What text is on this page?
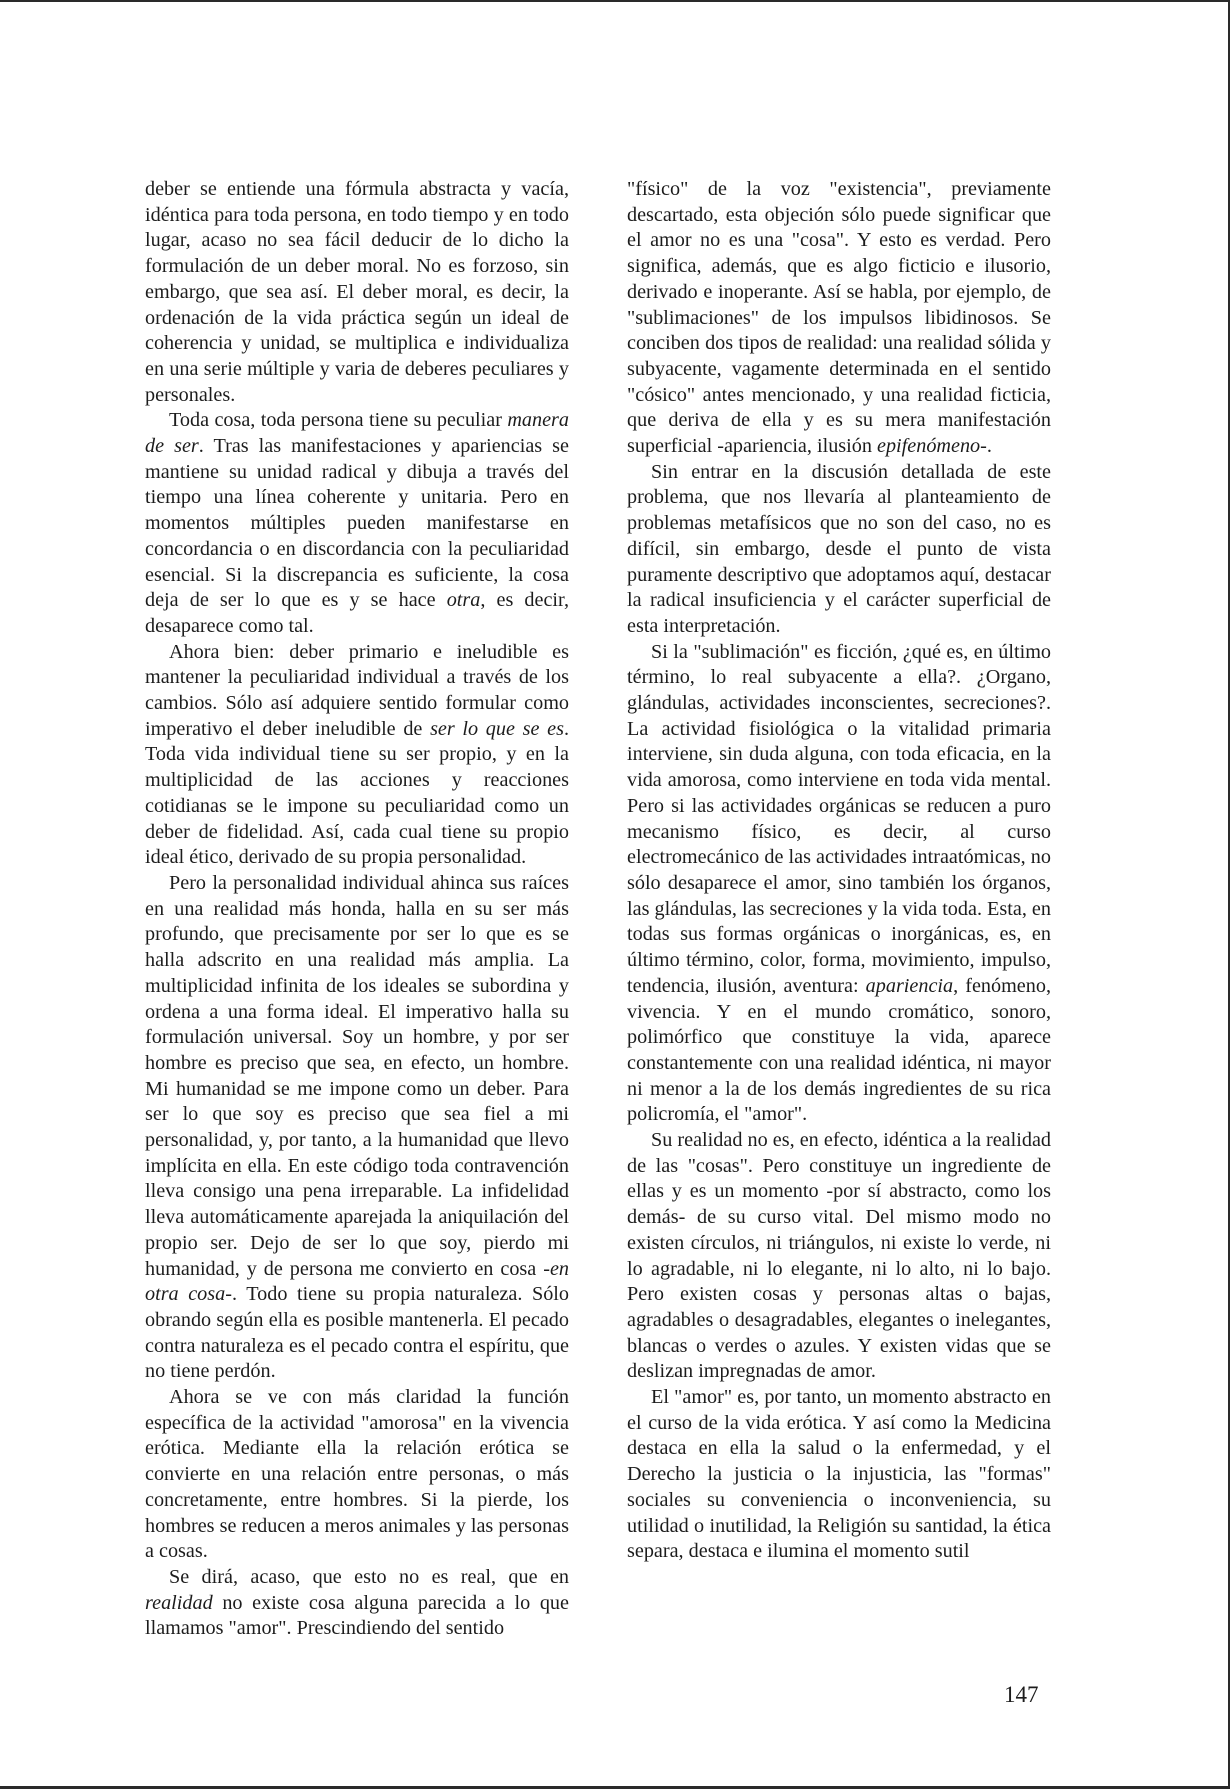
deber se entiende una fórmula abstracta y vacía, idéntica para toda persona, en todo tiempo y en todo lugar, acaso no sea fácil deducir de lo dicho la formulación de un deber moral. No es forzoso, sin embargo, que sea así. El deber moral, es decir, la ordenación de la vida práctica según un ideal de coherencia y unidad, se multiplica e individualiza en una serie múltiple y varia de deberes peculiares y personales.

Toda cosa, toda persona tiene su peculiar manera de ser. Tras las manifestaciones y apariencias se mantiene su unidad radical y dibuja a través del tiempo una línea coherente y unitaria. Pero en momentos múltiples pueden manifestarse en concordancia o en discordancia con la peculiaridad esencial. Si la discrepancia es suficiente, la cosa deja de ser lo que es y se hace otra, es decir, desaparece como tal.

Ahora bien: deber primario e ineludible es mantener la peculiaridad individual a través de los cambios. Sólo así adquiere sentido formular como imperativo el deber ineludible de ser lo que se es. Toda vida individual tiene su ser propio, y en la multiplicidad de las acciones y reacciones cotidianas se le impone su peculiaridad como un deber de fidelidad. Así, cada cual tiene su propio ideal ético, derivado de su propia personalidad.

Pero la personalidad individual ahinca sus raíces en una realidad más honda, halla en su ser más profundo, que precisamente por ser lo que es se halla adscrito en una realidad más amplia. La multiplicidad infinita de los ideales se subordina y ordena a una forma ideal. El imperativo halla su formulación universal. Soy un hombre, y por ser hombre es preciso que sea, en efecto, un hombre. Mi humanidad se me impone como un deber. Para ser lo que soy es preciso que sea fiel a mi personalidad, y, por tanto, a la humanidad que llevo implícita en ella. En este código toda contravención lleva consigo una pena irreparable. La infidelidad lleva automáticamente aparejada la aniquilación del propio ser. Dejo de ser lo que soy, pierdo mi humanidad, y de persona me convierto en cosa -en otra cosa-. Todo tiene su propia naturaleza. Sólo obrando según ella es posible mantenerla. El pecado contra naturaleza es el pecado contra el espíritu, que no tiene perdón.

Ahora se ve con más claridad la función específica de la actividad "amorosa" en la vivencia erótica. Mediante ella la relación erótica se convierte en una relación entre personas, o más concretamente, entre hombres. Si la pierde, los hombres se reducen a meros animales y las personas a cosas.

Se dirá, acaso, que esto no es real, que en realidad no existe cosa alguna parecida a lo que llamamos "amor". Prescindiendo del sentido

"físico" de la voz "existencia", previamente descartado, esta objeción sólo puede significar que el amor no es una "cosa". Y esto es verdad. Pero significa, además, que es algo ficticio e ilusorio, derivado e inoperante. Así se habla, por ejemplo, de "sublimaciones" de los impulsos libidinosos. Se conciben dos tipos de realidad: una realidad sólida y subyacente, vagamente determinada en el sentido "cósico" antes mencionado, y una realidad ficticia, que deriva de ella y es su mera manifestación superficial -apariencia, ilusión epifenómeno-.

Sin entrar en la discusión detallada de este problema, que nos llevaría al planteamiento de problemas metafísicos que no son del caso, no es difícil, sin embargo, desde el punto de vista puramente descriptivo que adoptamos aquí, destacar la radical insuficiencia y el carácter superficial de esta interpretación.

Si la "sublimación" es ficción, ¿qué es, en último término, lo real subyacente a ella?. ¿Organo, glándulas, actividades inconscientes, secreciones?. La actividad fisiológica o la vitalidad primaria interviene, sin duda alguna, con toda eficacia, en la vida amorosa, como interviene en toda vida mental. Pero si las actividades orgánicas se reducen a puro mecanismo físico, es decir, al curso electromecánico de las actividades intraatómicas, no sólo desaparece el amor, sino también los órganos, las glándulas, las secreciones y la vida toda. Esta, en todas sus formas orgánicas o inorgánicas, es, en último término, color, forma, movimiento, impulso, tendencia, ilusión, aventura: apariencia, fenómeno, vivencia. Y en el mundo cromático, sonoro, polimórfico que constituye la vida, aparece constantemente con una realidad idéntica, ni mayor ni menor a la de los demás ingredientes de su rica policromía, el "amor".

Su realidad no es, en efecto, idéntica a la realidad de las "cosas". Pero constituye un ingrediente de ellas y es un momento -por sí abstracto, como los demás- de su curso vital. Del mismo modo no existen círculos, ni triángulos, ni existe lo verde, ni lo agradable, ni lo elegante, ni lo alto, ni lo bajo. Pero existen cosas y personas altas o bajas, agradables o desagradables, elegantes o inelegantes, blancas o verdes o azules. Y existen vidas que se deslizan impregnadas de amor.

El "amor" es, por tanto, un momento abstracto en el curso de la vida erótica. Y así como la Medicina destaca en ella la salud o la enfermedad, y el Derecho la justicia o la injusticia, las "formas" sociales su conveniencia o inconveniencia, su utilidad o inutilidad, la Religión su santidad, la ética separa, destaca e ilumina el momento sutil

147
